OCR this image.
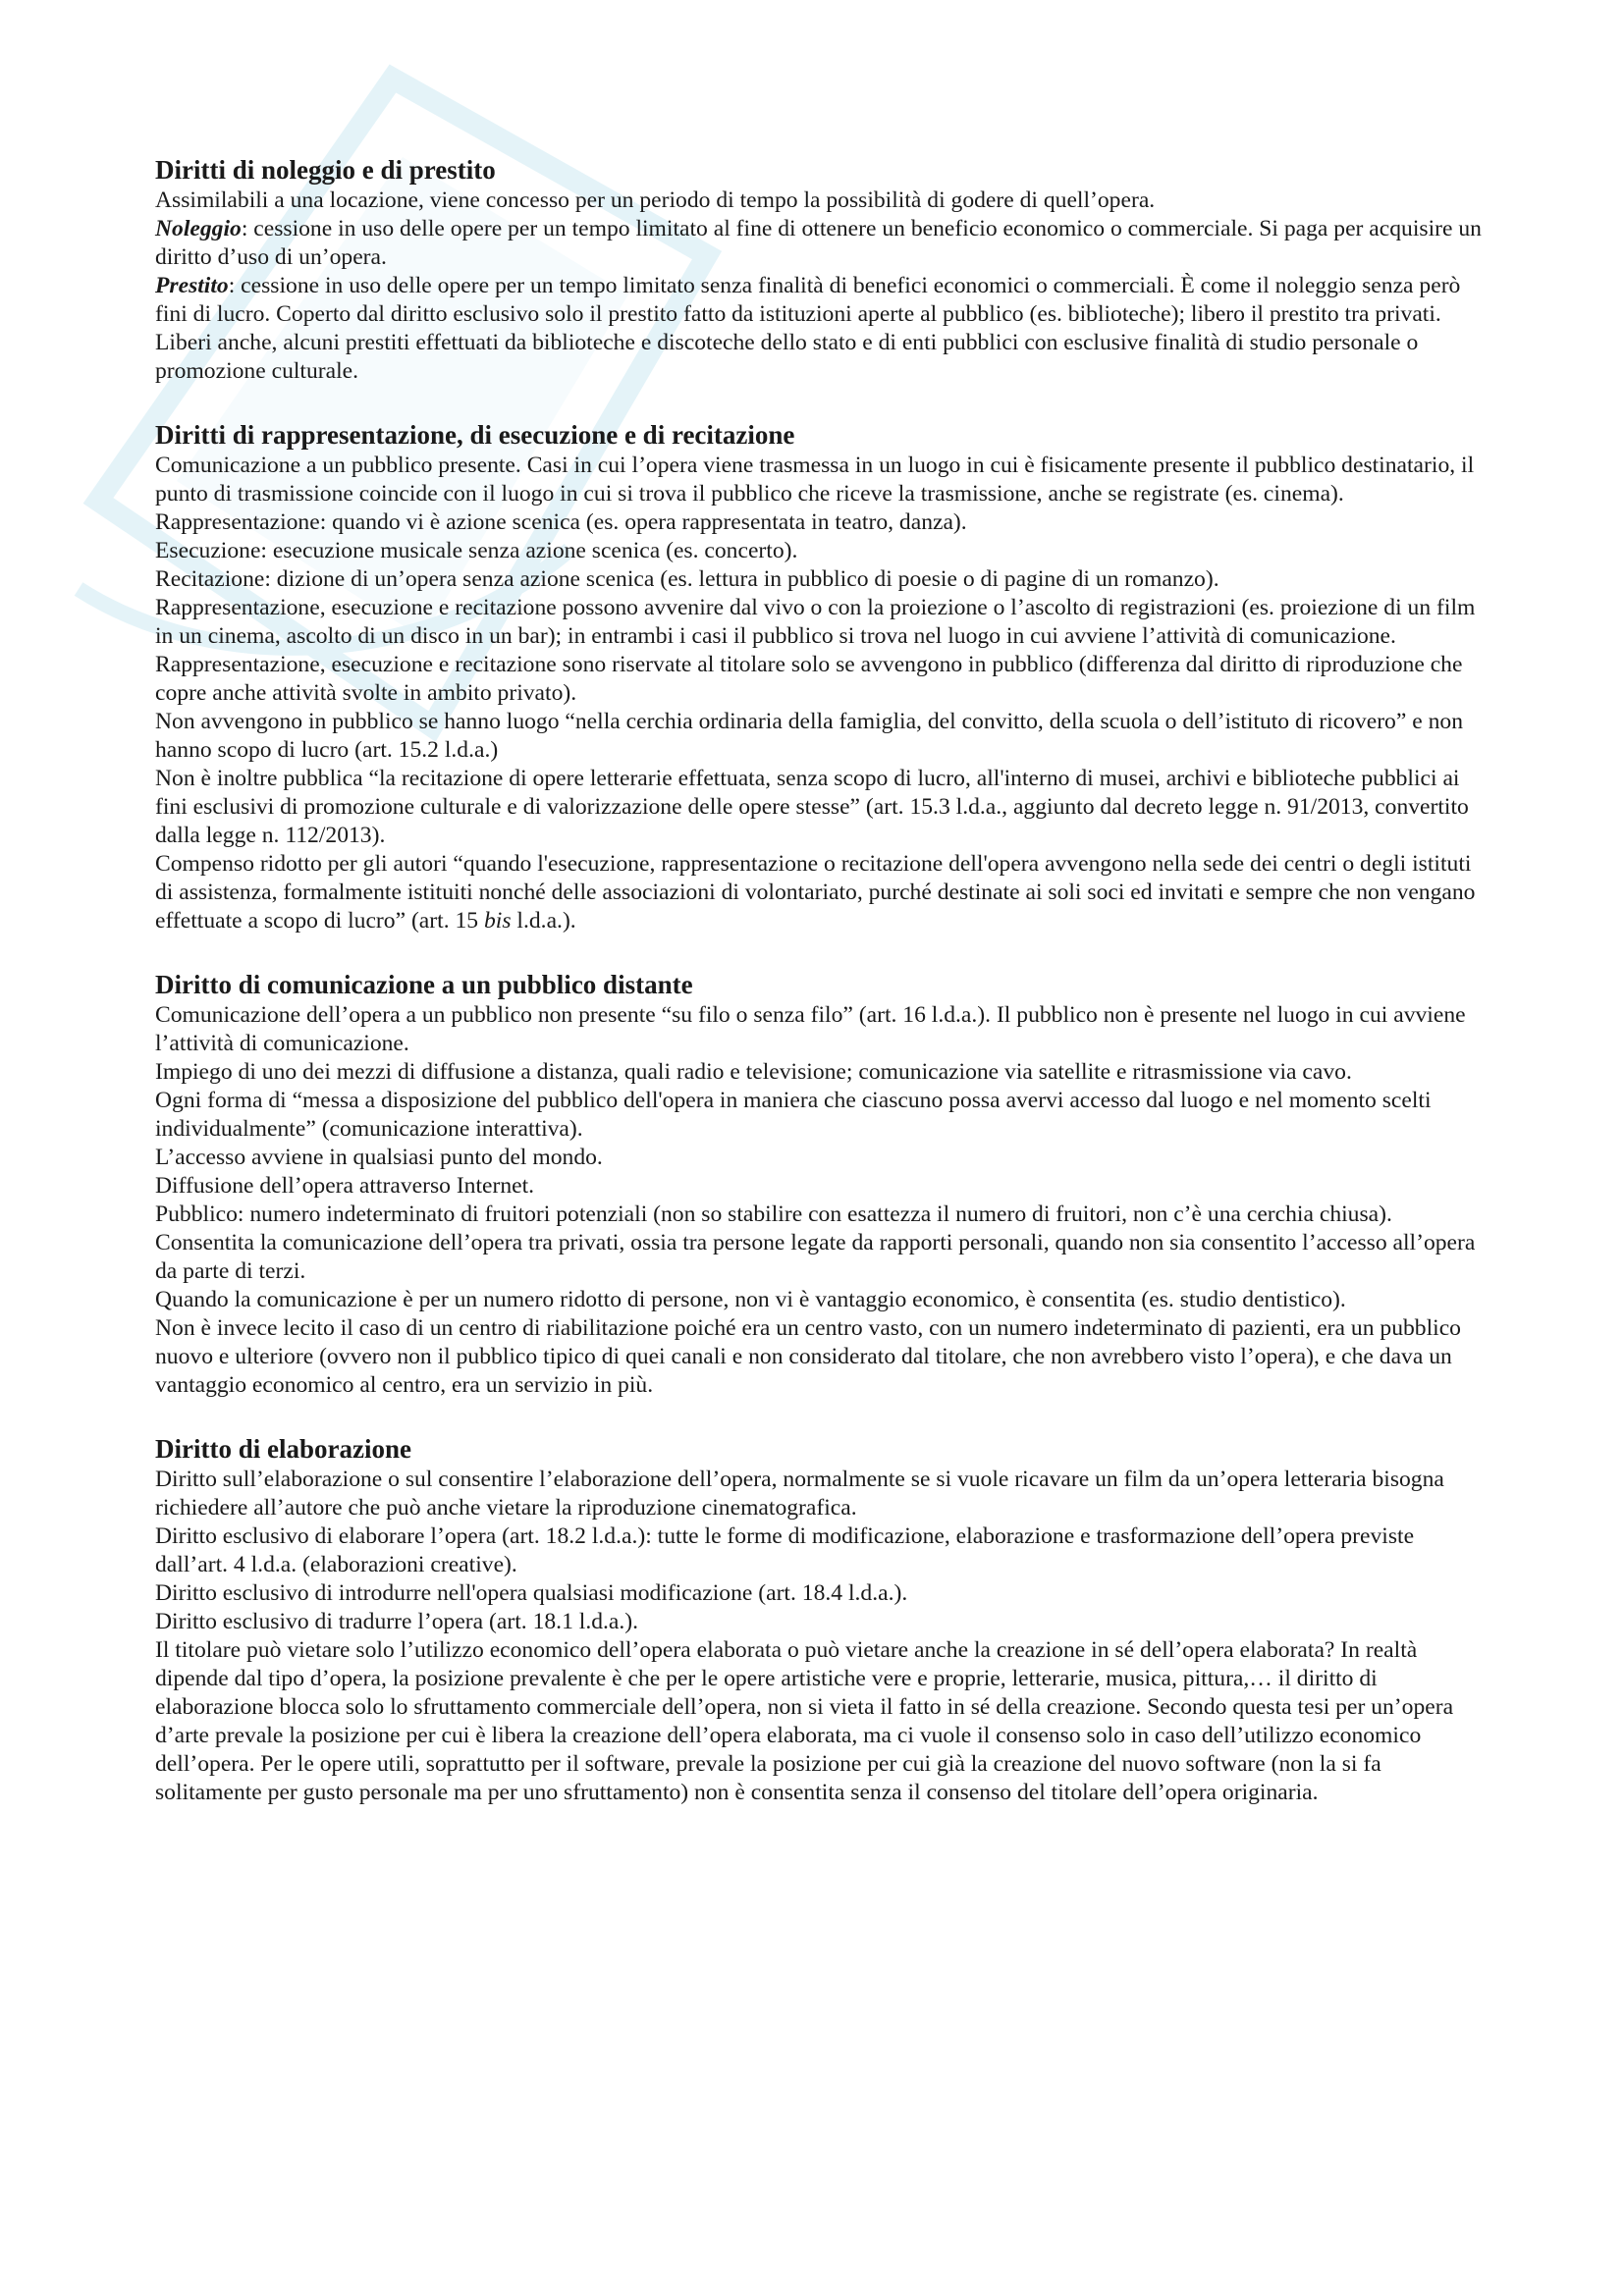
Diritti di noleggio e di prestito

Assimilabili a una locazione, viene concesso per un periodo di tempo la possibilità di godere di quell’opera.

Noleggio: cessione in uso delle opere per un tempo limitato al fine di ottenere un beneficio economico o commerciale. Si paga per acquisire un diritto d’uso di un’opera.

Prestito: cessione in uso delle opere per un tempo limitato senza finalità di benefici economici o commerciali. È come il noleggio senza però fini di lucro. Coperto dal diritto esclusivo solo il prestito fatto da istituzioni aperte al pubblico (es. biblioteche); libero il prestito tra privati. Liberi anche, alcuni prestiti effettuati da biblioteche e discoteche dello stato e di enti pubblici con esclusive finalità di studio personale o promozione culturale.

Diritti di rappresentazione, di esecuzione e di recitazione

Comunicazione a un pubblico presente. Casi in cui l’opera viene trasmessa in un luogo in cui è fisicamente presente il pubblico destinatario, il punto di trasmissione coincide con il luogo in cui si trova il pubblico che riceve la trasmissione, anche se registrate (es. cinema).

Rappresentazione: quando vi è azione scenica (es. opera rappresentata in teatro, danza).

Esecuzione: esecuzione musicale senza azione scenica (es. concerto).

Recitazione: dizione di un’opera senza azione scenica (es. lettura in pubblico di poesie o di pagine di un romanzo).

Rappresentazione, esecuzione e recitazione possono avvenire dal vivo o con la proiezione o l’ascolto di registrazioni (es. proiezione di un film in un cinema, ascolto di un disco in un bar); in entrambi i casi il pubblico si trova nel luogo in cui avviene l’attività di comunicazione.

Rappresentazione, esecuzione e recitazione sono riservate al titolare solo se avvengono in pubblico (differenza dal diritto di riproduzione che copre anche attività svolte in ambito privato).

Non avvengono in pubblico se hanno luogo “nella cerchia ordinaria della famiglia, del convitto, della scuola o dell’istituto di ricovero” e non hanno scopo di lucro (art. 15.2 l.d.a.)

Non è inoltre pubblica “la recitazione di opere letterarie effettuata, senza scopo di lucro, all'interno di musei, archivi e biblioteche pubblici ai fini esclusivi di promozione culturale e di valorizzazione delle opere stesse” (art. 15.3 l.d.a., aggiunto dal decreto legge n. 91/2013, convertito dalla legge n. 112/2013).

Compenso ridotto per gli autori “quando l'esecuzione, rappresentazione o recitazione dell'opera avvengono nella sede dei centri o degli istituti di assistenza, formalmente istituiti nonché delle associazioni di volontariato, purché destinate ai soli soci ed invitati e sempre che non vengano effettuate a scopo di lucro” (art. 15 bis l.d.a.).

Diritto di comunicazione a un pubblico distante

Comunicazione dell’opera a un pubblico non presente “su filo o senza filo” (art. 16 l.d.a.). Il pubblico non è presente nel luogo in cui avviene l’attività di comunicazione.

Impiego di uno dei mezzi di diffusione a distanza, quali radio e televisione; comunicazione via satellite e ritrasmissione via cavo.

Ogni forma di “messa a disposizione del pubblico dell'opera in maniera che ciascuno possa avervi accesso dal luogo e nel momento scelti individualmente” (comunicazione interattiva).

L’accesso avviene in qualsiasi punto del mondo.

Diffusione dell’opera attraverso Internet.

Pubblico: numero indeterminato di fruitori potenziali (non so stabilire con esattezza il numero di fruitori, non c’è una cerchia chiusa).

Consentita la comunicazione dell’opera tra privati, ossia tra persone legate da rapporti personali, quando non sia consentito l’accesso all’opera da parte di terzi.

Quando la comunicazione è per un numero ridotto di persone, non vi è vantaggio economico, è consentita (es. studio dentistico).

Non è invece lecito il caso di un centro di riabilitazione poiché era un centro vasto, con un numero indeterminato di pazienti, era un pubblico nuovo e ulteriore (ovvero non il pubblico tipico di quei canali e non considerato dal titolare, che non avrebbero visto l’opera), e che dava un vantaggio economico al centro, era un servizio in più.

Diritto di elaborazione

Diritto sull’elaborazione o sul consentire l’elaborazione dell’opera, normalmente se si vuole ricavare un film da un’opera letteraria bisogna richiedere all’autore che può anche vietare la riproduzione cinematografica.

Diritto esclusivo di elaborare l’opera (art. 18.2 l.d.a.): tutte le forme di modificazione, elaborazione e trasformazione dell’opera previste dall’art. 4 l.d.a. (elaborazioni creative).

Diritto esclusivo di introdurre nell'opera qualsiasi modificazione (art. 18.4 l.d.a.).

Diritto esclusivo di tradurre l’opera (art. 18.1 l.d.a.).

Il titolare può vietare solo l’utilizzo economico dell’opera elaborata o può vietare anche la creazione in sé dell’opera elaborata? In realtà dipende dal tipo d’opera, la posizione prevalente è che per le opere artistiche vere e proprie, letterarie, musica, pittura,… il diritto di elaborazione blocca solo lo sfruttamento commerciale dell’opera, non si vieta il fatto in sé della creazione. Secondo questa tesi per un’opera d’arte prevale la posizione per cui è libera la creazione dell’opera elaborata, ma ci vuole il consenso solo in caso dell’utilizzo economico dell’opera. Per le opere utili, soprattutto per il software, prevale la posizione per cui già la creazione del nuovo software (non la si fa solitamente per gusto personale ma per uno sfruttamento) non è consentita senza il consenso del titolare dell’opera originaria.
